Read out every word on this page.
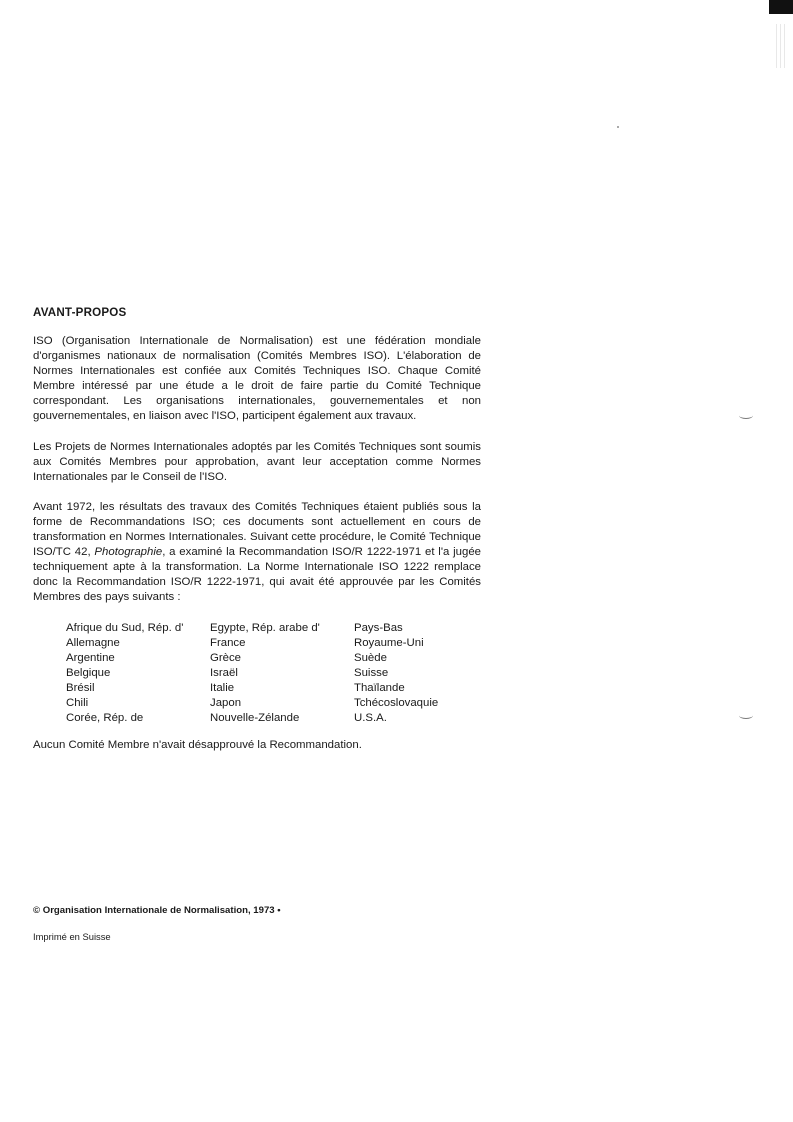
AVANT-PROPOS

ISO (Organisation Internationale de Normalisation) est une fédération mondiale d'organismes nationaux de normalisation (Comités Membres ISO). L'élaboration de Normes Internationales est confiée aux Comités Techniques ISO. Chaque Comité Membre intéressé par une étude a le droit de faire partie du Comité Technique correspondant. Les organisations internationales, gouvernementales et non gouvernementales, en liaison avec l'ISO, participent également aux travaux.

Les Projets de Normes Internationales adoptés par les Comités Techniques sont soumis aux Comités Membres pour approbation, avant leur acceptation comme Normes Internationales par le Conseil de l'ISO.

Avant 1972, les résultats des travaux des Comités Techniques étaient publiés sous la forme de Recommandations ISO; ces documents sont actuellement en cours de transformation en Normes Internationales. Suivant cette procédure, le Comité Technique ISO/TC 42, Photographie, a examiné la Recommandation ISO/R 1222-1971 et l'a jugée techniquement apte à la transformation. La Norme Internationale ISO 1222 remplace donc la Recommandation ISO/R 1222-1971, qui avait été approuvée par les Comités Membres des pays suivants :

Afrique du Sud, Rép. d'
Allemagne
Argentine
Belgique
Brésil
Chili
Corée, Rép. de
Egypte, Rép. arabe d'
France
Grèce
Israël
Italie
Japon
Nouvelle-Zélande
Pays-Bas
Royaume-Uni
Suède
Suisse
Thaïlande
Tchécoslovaquie
U.S.A.

Aucun Comité Membre n'avait désapprouvé la Recommandation.

© Organisation Internationale de Normalisation, 1973 •

Imprimé en Suisse
